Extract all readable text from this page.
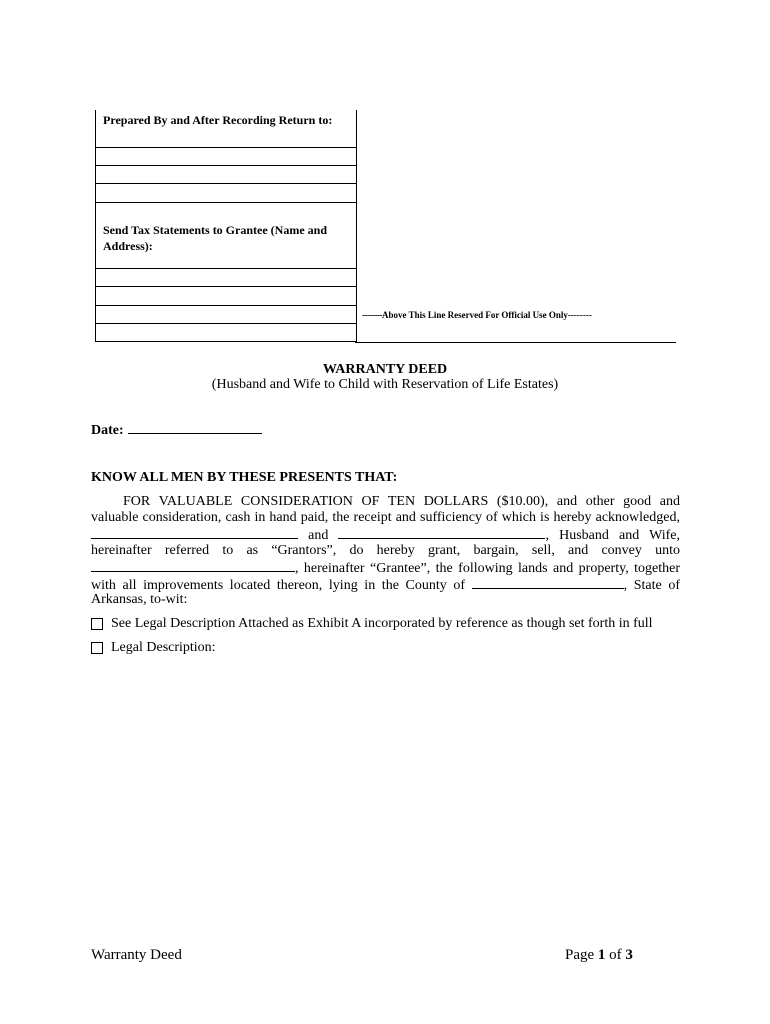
Prepared By and After Recording Return to:
Send Tax Statements to Grantee (Name and
Address):
--------Above This Line Reserved For Official Use Only--------
WARRANTY DEED
(Husband and Wife to Child with Reservation of Life Estates)
Date:
KNOW ALL MEN BY THESE PRESENTS THAT:
FOR VALUABLE CONSIDERATION OF TEN DOLLARS ($10.00), and other good and
valuable consideration, cash in hand paid, the receipt and sufficiency of which is hereby acknowledged,
and	, Husband and Wife,
hereinafter referred to as “Grantors”, do hereby grant, bargain, sell, and convey unto
, hereinafter “Grantee”, the following lands and property, together
with all improvements located thereon, lying in the County of	, State of
Arkansas, to-wit:
See Legal Description Attached as Exhibit A incorporated by reference as though set forth in full
Legal Description:
Warranty Deed	Page 1 of 3
